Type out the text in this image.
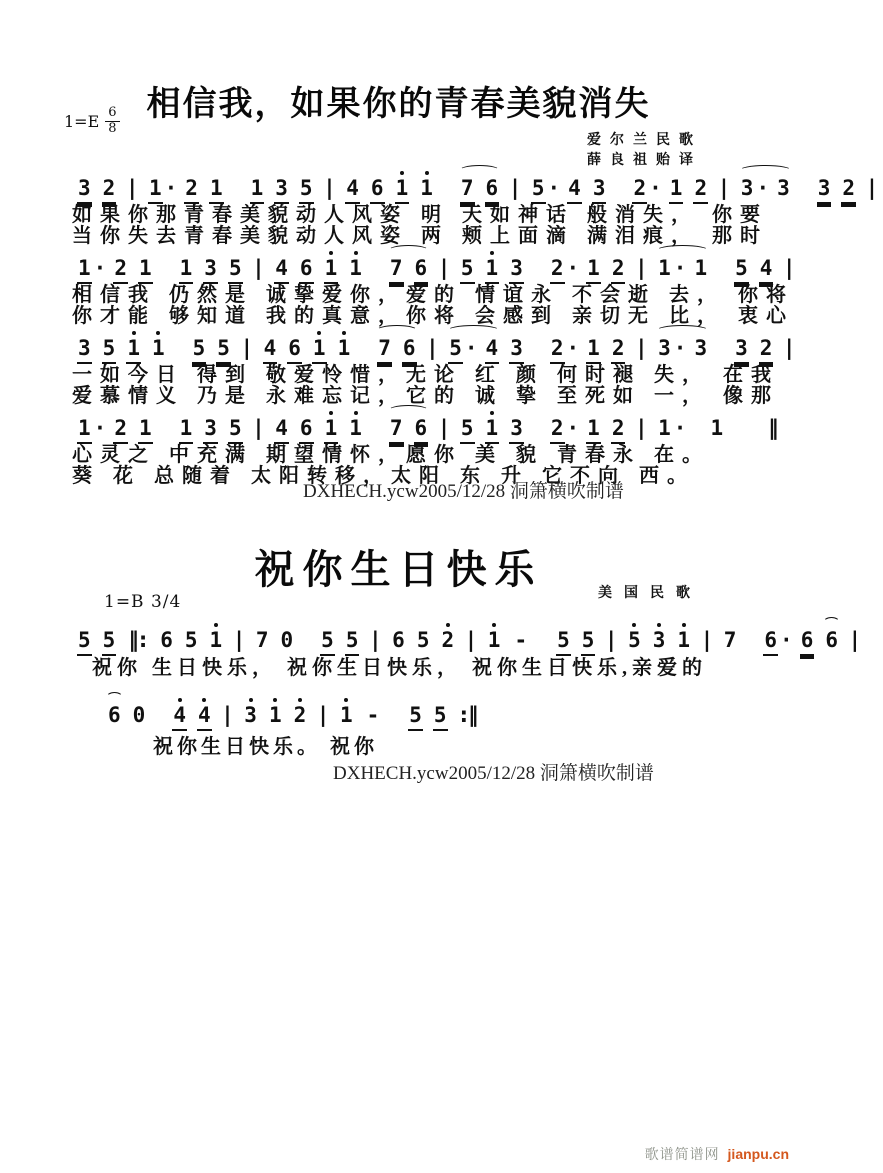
相信我，如果你的青春美貌消失
$1=E \frac{6}{8}$
爱尔兰民歌
薛良祖贻译
3 2 | 1 · 2 1 1 3 5 | 4 6 1 1 7 6 | 5 · 4 3 2 · 1 2 | 3 · 3 3 2 |
如果你那青春美貌动人风姿 明 天如神话 般消失， 你要
当你失去青春美貌动人风姿 两 颊上面滴 满泪痕， 那时
1 · 2 1 1 3 5 | 4 6 1 1 7 6 | 5 1 3 2 · 1 2 | 1 · 1 5 4 |
相信我 仍然是 诚挚爱你，爱的 情谊永 不会逝 去， 你将
你才能 够知道 我的真意，你将 会感到 亲切无 比， 衷心
3 5 1 1 5 5 | 4 6 1 1 7 6 | 5 · 4 3 2 · 1 2 | 3 · 3 3 2 |
一如今日 得到 敬爱怜惜，无论 红 颜 何时褪 失， 在我
爱慕情义 乃是 永难忘记，它的 诚 挚 至死如 一， 像那
1 · 2 1 1 3 5 | 4 6 1 1 7 6 | 5 1 3 2 · 1 2 | 1 · 1 ‖
心灵之 中充满 期望情怀，愿你 美 貌 青春永 在。
葵 花 总随着 太阳转移，太阳 东 升 它不向 西。
DXHECH.ycw2005/12/28 洞箫横吹制谱
祝你生日快乐
1=B 3/4	美国民歌
5 5 ‖: 6 5 1 | 7 0 5 5 | 6 5 2 | 1 - 5 5 | 5 3 1 | 7 6 · 6 6 |
祝你 生日快乐， 祝你生日快乐， 祝你生日快乐,亲爱的
6 0 4 4 | 3 1 2 | 1 - 5 5 :‖
祝你生日快乐。 祝你
DXHECH.ycw2005/12/28 洞箫横吹制谱
歌谱简谱网 jianpu.cn
